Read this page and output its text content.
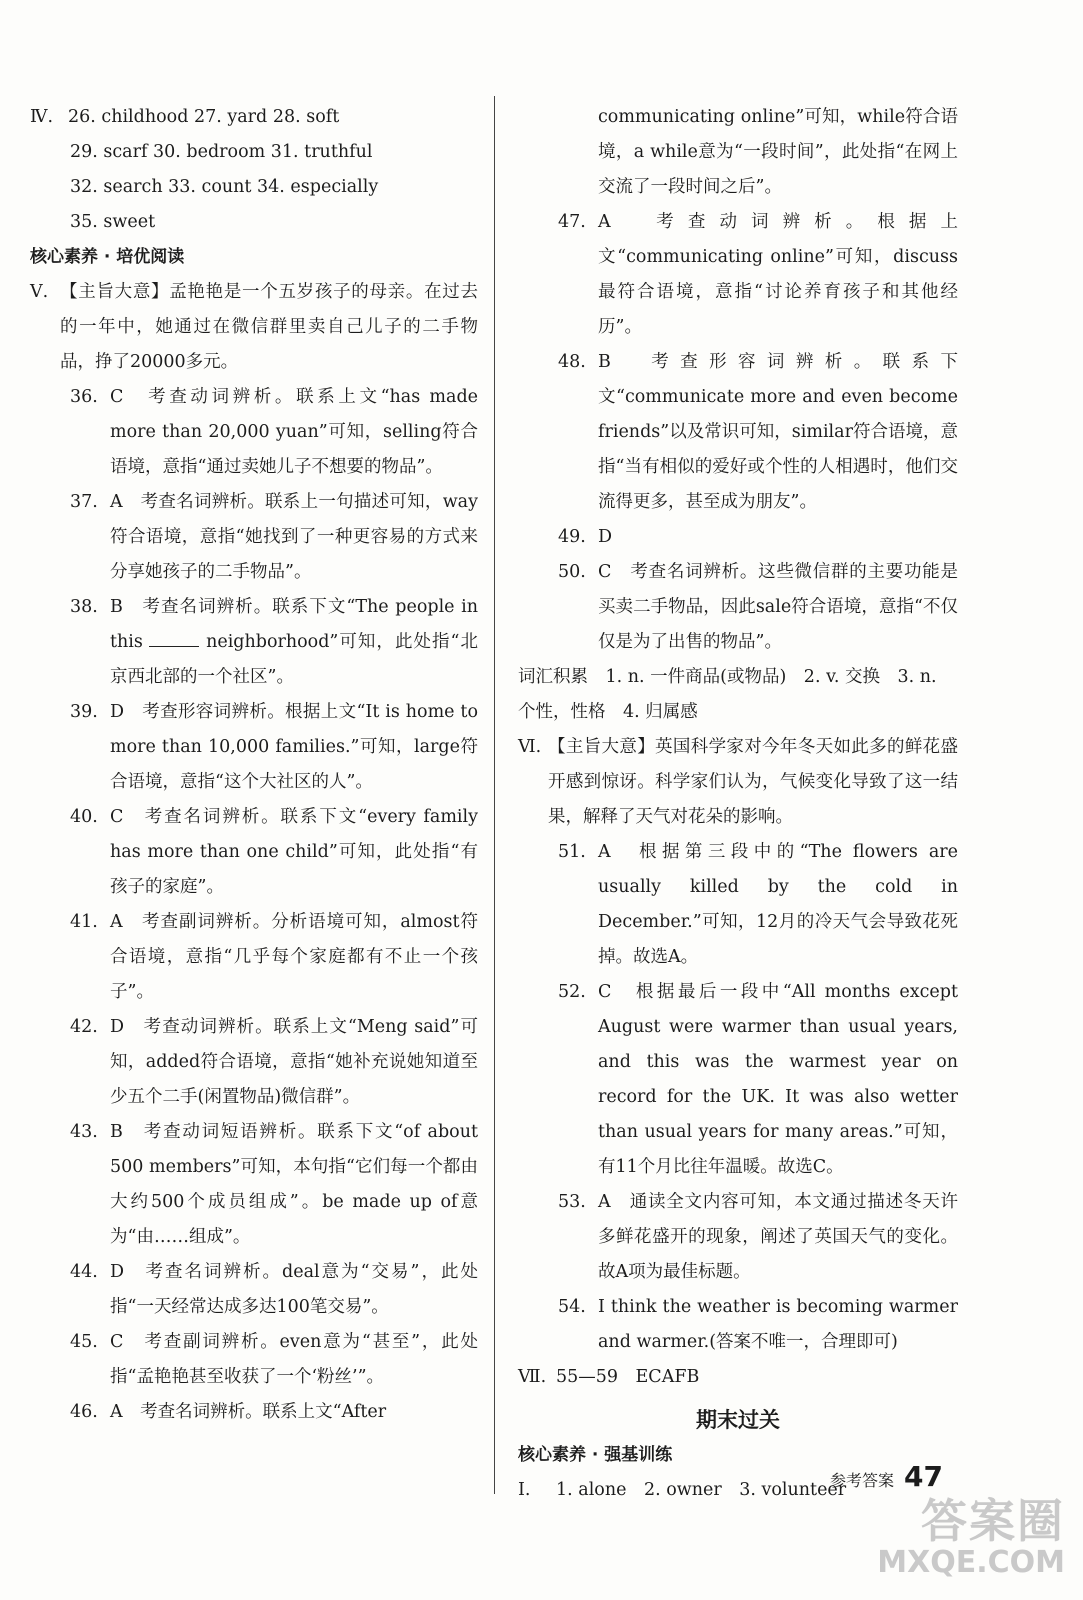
Ⅳ. 26. childhood 27. yard 28. soft

29. scarf 30. bedroom 31. truthful

32. search 33. count 34. especially

35. sweet

核心素养 · 培优阅读

Ⅴ. 【主旨大意】孟艳艳是一个五岁孩子的母亲。在过去的一年中，她通过在微信群里卖自己儿子的二手物品，挣了20000多元。
36. C　考查动词辨析。联系上文“has made more than 20,000 yuan”可知，selling符合语境，意指“通过卖她儿子不想要的物品”。
37. A　考查名词辨析。联系上一句描述可知，way符合语境，意指“她找到了一种更容易的方式来分享她孩子的二手物品”。
38. B　考查名词辨析。联系下文“The people in this	neighborhood”可知，此处指“北京西北部的一个社区”。
39. D　考查形容词辨析。根据上文“It is home to more than 10,000 families.”可知，large符合语境，意指“这个大社区的人”。
40. C　考查名词辨析。联系下文“every family has more than one child”可知，此处指“有孩子的家庭”。
41. A　考查副词辨析。分析语境可知，almost符合语境，意指“几乎每个家庭都有不止一个孩子”。
42. D　考查动词辨析。联系上文“Meng said”可知，added符合语境，意指“她补充说她知道至少五个二手(闲置物品)微信群”。
43. B　考查动词短语辨析。联系下文“of about 500 members”可知，本句指“它们每一个都由大约500个成员组成”。be made up of意为“由……组成”。
44. D　考查名词辨析。deal意为“交易”，此处指“一天经常达成多达100笔交易”。
45. C　考查副词辨析。even意为“甚至”，此处指“孟艳艳甚至收获了一个‘粉丝’”。
46. A　考查名词辨析。联系上文“After

communicating online”可知，while符合语境，a while意为“一段时间”，此处指“在网上交流了一段时间之后”。

47. A　考查动词辨析。根据上文“communicating online”可知，discuss最符合语境，意指“讨论养育孩子和其他经历”。
48. B　考查形容词辨析。联系下文“communicate more and even become friends”以及常识可知，similar符合语境，意指“当有相似的爱好或个性的人相遇时，他们交流得更多，甚至成为朋友”。
49. D
50. C　考查名词辨析。这些微信群的主要功能是买卖二手物品，因此sale符合语境，意指“不仅仅是为了出售的物品”。

词汇积累　1. n. 一件商品(或物品)　2. v. 交换　3. n. 个性，性格　4. 归属感

Ⅵ. 【主旨大意】英国科学家对今年冬天如此多的鲜花盛开感到惊讶。科学家们认为，气候变化导致了这一结果，解释了天气对花朵的影响。
51. A　根据第三段中的“The flowers are usually killed by the cold in December.”可知，12月的冷天气会导致花死掉。故选A。
52. C　根据最后一段中“All months except August were warmer than usual years, and this was the warmest year on record for the UK. It was also wetter than usual years for many areas.”可知，有11个月比往年温暖。故选C。
53. A　通读全文内容可知，本文通过描述冬天许多鲜花盛开的现象，阐述了英国天气的变化。故A项为最佳标题。
54. I think the weather is becoming warmer and warmer.(答案不唯一，合理即可)
Ⅶ. 55—59　ECAFB

期末过关

核心素养 · 强基训练

Ⅰ.	1. alone　2. owner　3. volunteer
参考答案 47
答案圈
MXQE.COM
